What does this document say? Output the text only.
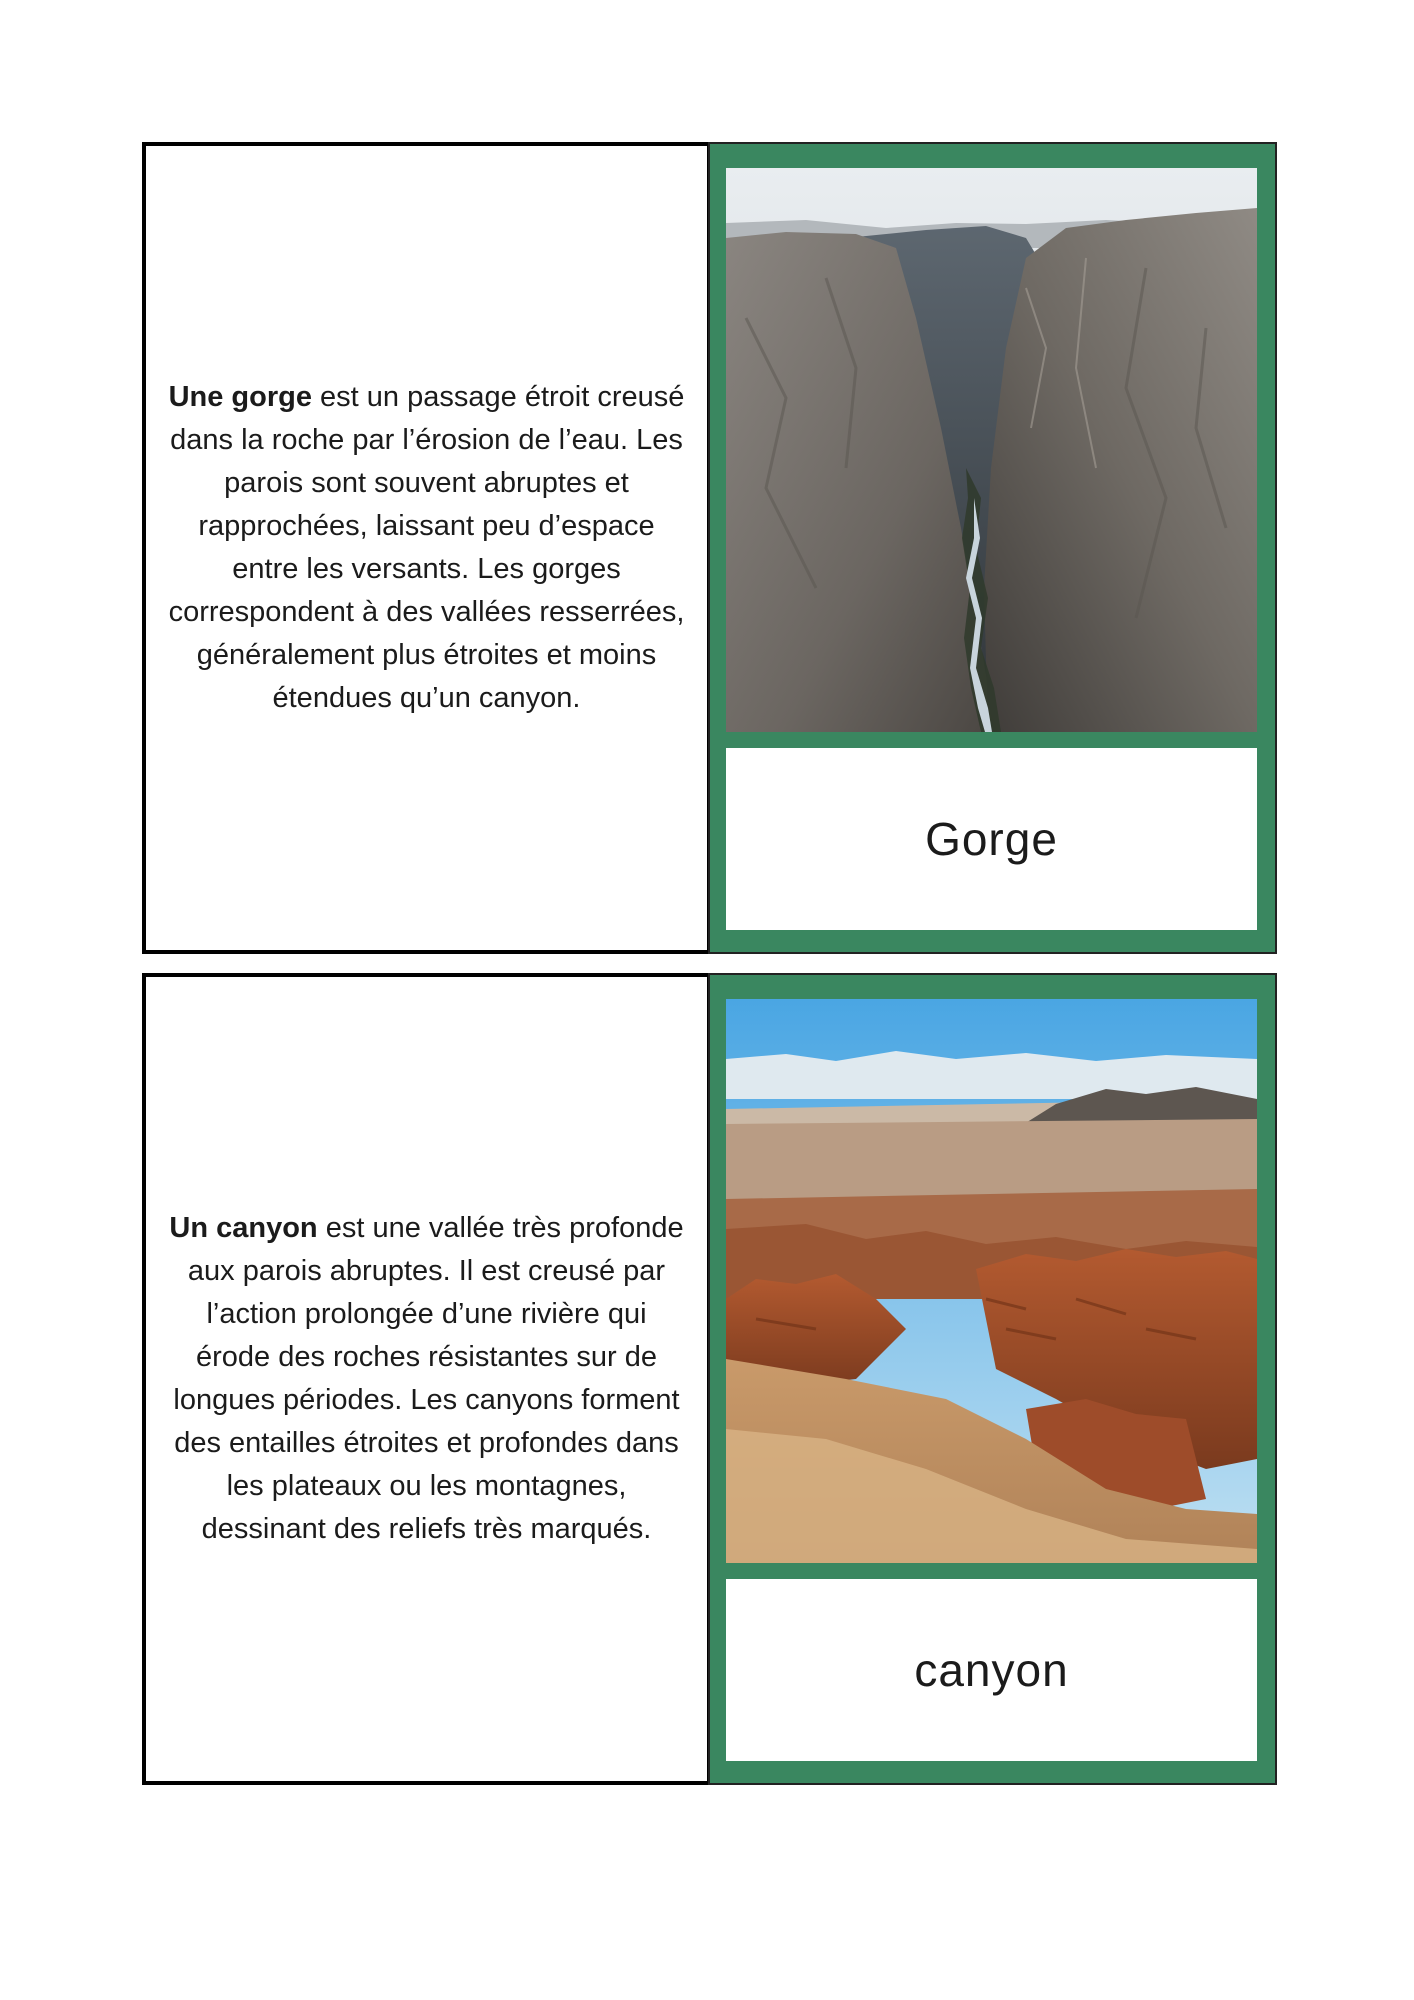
Une gorge est un passage étroit creusé dans la roche par l’érosion de l’eau. Les parois sont souvent abruptes et rapprochées, laissant peu d’espace entre les versants. Les gorges correspondent à des vallées resserrées, généralement plus étroites et moins étendues qu’un canyon.

Gorge

Un canyon est une vallée très profonde aux parois abruptes. Il est creusé par l’action prolongée d’une rivière qui érode des roches résistantes sur de longues périodes. Les canyons forment des entailles étroites et profondes dans les plateaux ou les montagnes, dessinant des reliefs très marqués.

canyon
